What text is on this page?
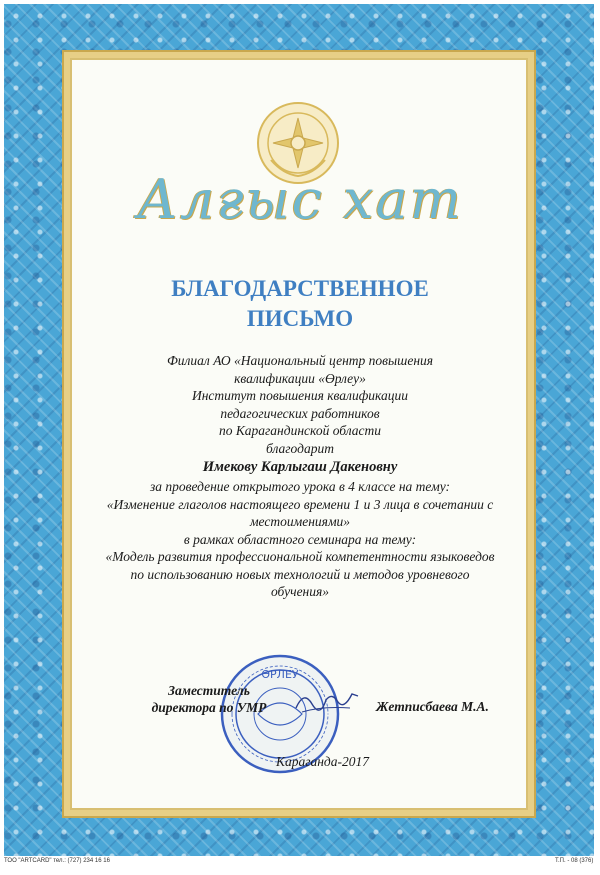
Алғыс хат
БЛАГОДАРСТВЕННОЕ
ПИСЬМО
Филиал АО «Национальный центр повышения
квалификации «Өрлеу»
Институт повышения квалификации
педагогических работников
по Карагандинской области
благодарит
Имекову Карлыгаш Дакеновну
за проведение открытого урока в 4 классе на тему:
«Изменение глаголов настоящего времени 1 и 3 лица в сочетании с
местоимениями»
в рамках областного семинара на тему:
«Модель развития профессиональной компетентности языковедов
по использованию новых технологий и методов уровневого
обучения»
ӨРЛЕУ
Заместитель
директора по УМР	Жетписбаева М.А.
Караганда-2017
ТОО "ARTCARD" тел.: (727) 234 16 16	Т.П. - 08 (376)
